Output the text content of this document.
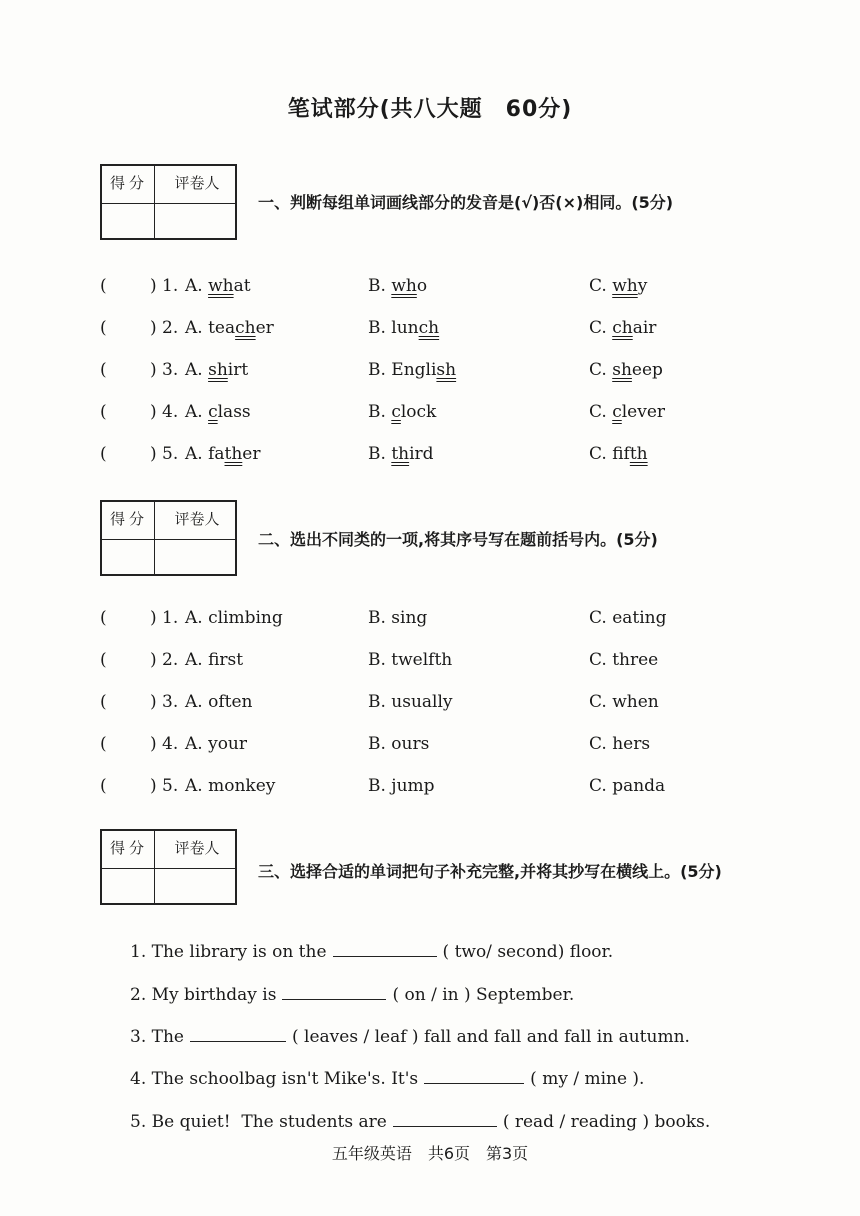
笔试部分(共八大题　60分)
得分	评卷人
一、判断每组单词画线部分的发音是(√)否(×)相同。(5分)
(	) 1. A. what	B. who	C. why
(	) 2. A. teacher	B. lunch	C. chair
(	) 3. A. shirt	B. English	C. sheep
(	) 4. A. class	B. clock	C. clever
(	) 5. A. father	B. third	C. fifth
得分	评卷人
二、选出不同类的一项,将其序号写在题前括号内。(5分)
(	) 1. A. climbing	B. sing	C. eating
(	) 2. A. first	B. twelfth	C. three
(	) 3. A. often	B. usually	C. when
(	) 4. A. your	B. ours	C. hers
(	) 5. A. monkey	B. jump	C. panda
得分	评卷人
三、选择合适的单词把句子补充完整,并将其抄写在横线上。(5分)
1. The library is on the	( two/ second) floor.
2. My birthday is	( on / in ) September.
3. The	( leaves / leaf ) fall and fall and fall in autumn.
4. The schoolbag isn't Mike's. It's	( my / mine ).
5. Be quiet!  The students are	( read / reading ) books.
五年级英语　共6页　第3页
